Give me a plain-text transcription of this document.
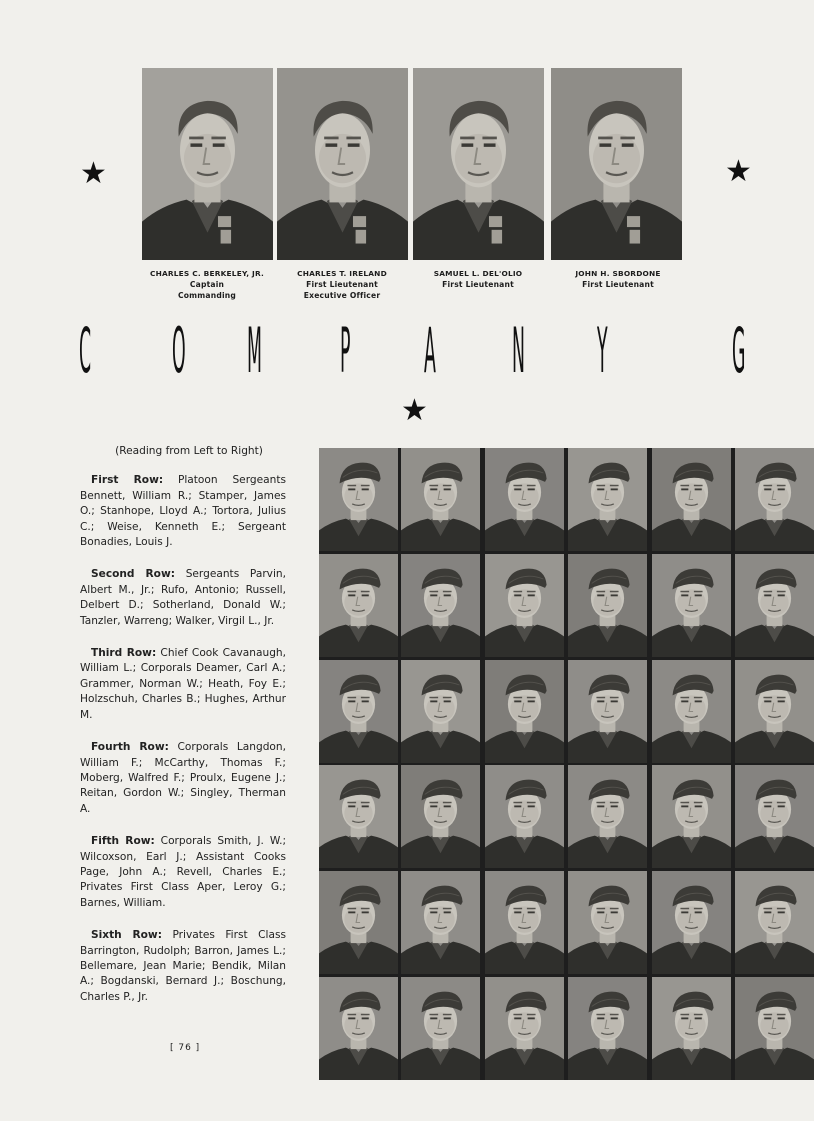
CHARLES C. BERKELEY, JR.
Captain
Commanding
CHARLES T. IRELAND
First Lieutenant
Executive Officer
SAMUEL L. DEL'OLIO
First Lieutenant
JOHN H. SBORDONE
First Lieutenant
★	★
★
C O M P A N Y G
(Reading from Left to Right)

First Row: Platoon Sergeants Bennett, William R.; Stamper, James O.; Stanhope, Lloyd A.; Tortora, Julius C.; Weise, Kenneth E.; Sergeant Bonadies, Louis J.

Second Row: Sergeants Parvin, Albert M., Jr.; Rufo, Antonio; Russell, Delbert D.; Sotherland, Donald W.; Tanzler, Warreng; Walker, Virgil L., Jr.

Third Row: Chief Cook Cavanaugh, William L.; Corporals Deamer, Carl A.; Grammer, Norman W.; Heath, Foy E.; Holzschuh, Charles B.; Hughes, Arthur M.

Fourth Row: Corporals Langdon, William F.; McCarthy, Thomas F.; Moberg, Walfred F.; Proulx, Eugene J.; Reitan, Gordon W.; Singley, Therman A.

Fifth Row: Corporals Smith, J. W.; Wilcoxson, Earl J.; Assistant Cooks Page, John A.; Revell, Charles E.; Privates First Class Aper, Leroy G.; Barnes, William.

Sixth Row: Privates First Class Barrington, Rudolph; Barron, James L.; Bellemare, Jean Marie; Bendik, Milan A.; Bogdanski, Bernard J.; Boschung, Charles P., Jr.

[ 76 ]
